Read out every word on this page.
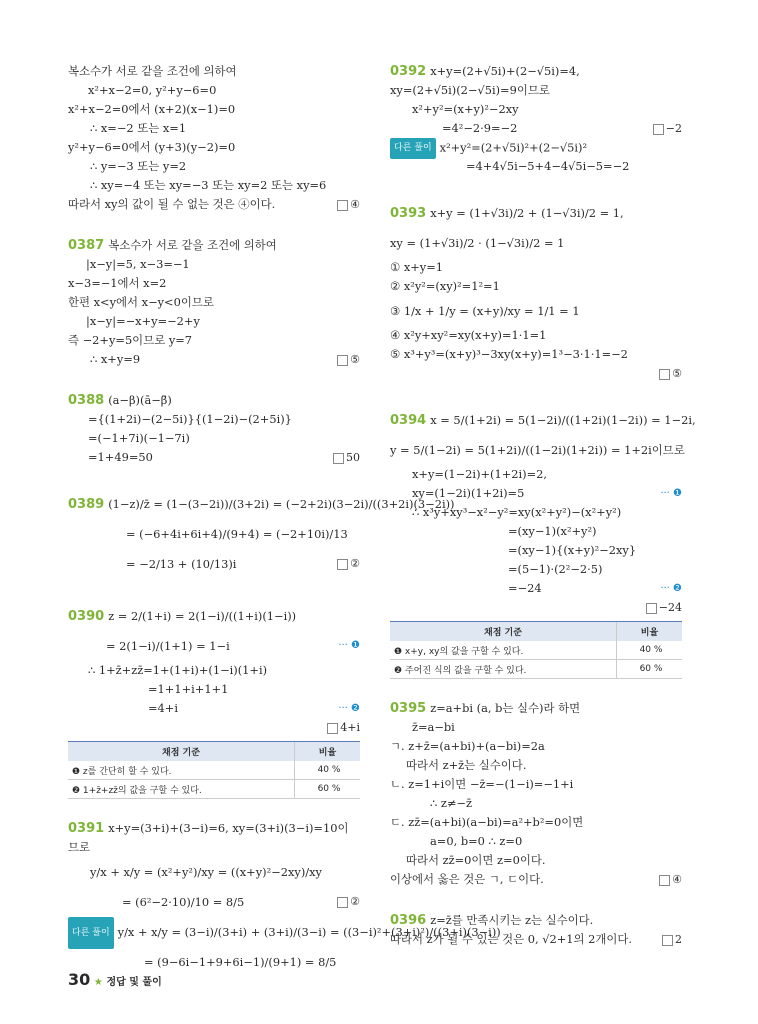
복소수가 서로 같을 조건에 의하여
x²+x−2=0, y²+y−6=0
x²+x−2=0에서 (x+2)(x−1)=0
∴ x=−2 또는 x=1
y²+y−6=0에서 (y+3)(y−2)=0
∴ y=−3 또는 y=2
∴ xy=−4 또는 xy=−3 또는 xy=2 또는 xy=6
따라서 xy의 값이 될 수 없는 것은 ④이다.	④
0387 복소수가 서로 같을 조건에 의하여
|x−y|=5, x−3=−1
x−3=−1에서 x=2
한편 x<y에서 x−y<0이므로
|x−y|=−x+y=−2+y
즉 −2+y=5이므로 y=7
∴ x+y=9	⑤
0388 (a−β)(ā−β̄)
={(1+2i)−(2−5i)}{(1−2i)−(2+5i)}
=(−1+7i)(−1−7i)
=1+49=50	50
0389 (1−z)/z̄ = (1−(3−2i))/(3+2i) = (−2+2i)(3−2i)/((3+2i)(3−2i))
= (−6+4i+6i+4)/(9+4) = (−2+10i)/13
= −2/13 + (10/13)i	②
0390 z = 2/(1+i) = 2(1−i)/((1+i)(1−i))
= 2(1−i)/(1+1) = 1−i	··· ❶
∴ 1+z̄+zz̄=1+(1+i)+(1−i)(1+i)
=1+1+i+1+1
=4+i	··· ❷
4+i
채점 기준	비율
❶ z를 간단히 할 수 있다.	40 %
❷ 1+z̄+zz̄의 값을 구할 수 있다.	60 %
0391 x+y=(3+i)+(3−i)=6, xy=(3+i)(3−i)=10이
므로
y/x + x/y = (x²+y²)/xy = ((x+y)²−2xy)/xy
= (6²−2·10)/10 = 8/5	②
다른 풀이 y/x + x/y = (3−i)/(3+i) + (3+i)/(3−i) = ((3−i)²+(3+i)²)/((3+i)(3−i))
= (9−6i−1+9+6i−1)/(9+1) = 8/5
0392 x+y=(2+√5i)+(2−√5i)=4,
xy=(2+√5i)(2−√5i)=9이므로
x²+y²=(x+y)²−2xy
=4²−2·9=−2	−2
다른 풀이 x²+y²=(2+√5i)²+(2−√5i)²
=4+4√5i−5+4−4√5i−5=−2
0393 x+y = (1+√3i)/2 + (1−√3i)/2 = 1,
xy = (1+√3i)/2 · (1−√3i)/2 = 1
① x+y=1
② x²y²=(xy)²=1²=1
③ 1/x + 1/y = (x+y)/xy = 1/1 = 1
④ x²y+xy²=xy(x+y)=1·1=1
⑤ x³+y³=(x+y)³−3xy(x+y)=1³−3·1·1=−2
⑤
0394 x = 5/(1+2i) = 5(1−2i)/((1+2i)(1−2i)) = 1−2i,
y = 5/(1−2i) = 5(1+2i)/((1−2i)(1+2i)) = 1+2i이므로
x+y=(1−2i)+(1+2i)=2,
xy=(1−2i)(1+2i)=5	··· ❶
∴ x³y+xy³−x²−y²=xy(x²+y²)−(x²+y²)
=(xy−1)(x²+y²)
=(xy−1){(x+y)²−2xy}
=(5−1)·(2²−2·5)
=−24	··· ❷
−24
채점 기준	비율
❶ x+y, xy의 값을 구할 수 있다.	40 %
❷ 주어진 식의 값을 구할 수 있다.	60 %
0395 z=a+bi (a, b는 실수)라 하면
z̄=a−bi
ㄱ. z+z̄=(a+bi)+(a−bi)=2a
따라서 z+z̄는 실수이다.
ㄴ. z=1+i이면 −z̄=−(1−i)=−1+i
∴ z≠−z̄
ㄷ. zz̄=(a+bi)(a−bi)=a²+b²=0이면
a=0, b=0 ∴ z=0
따라서 zz̄=0이면 z=0이다.
이상에서 옳은 것은 ㄱ, ㄷ이다.	④
0396 z=z̄를 만족시키는 z는 실수이다.
따라서 z가 될 수 있는 것은 0, √2+1의 2개이다.	2
30 ★ 정답 및 풀이
